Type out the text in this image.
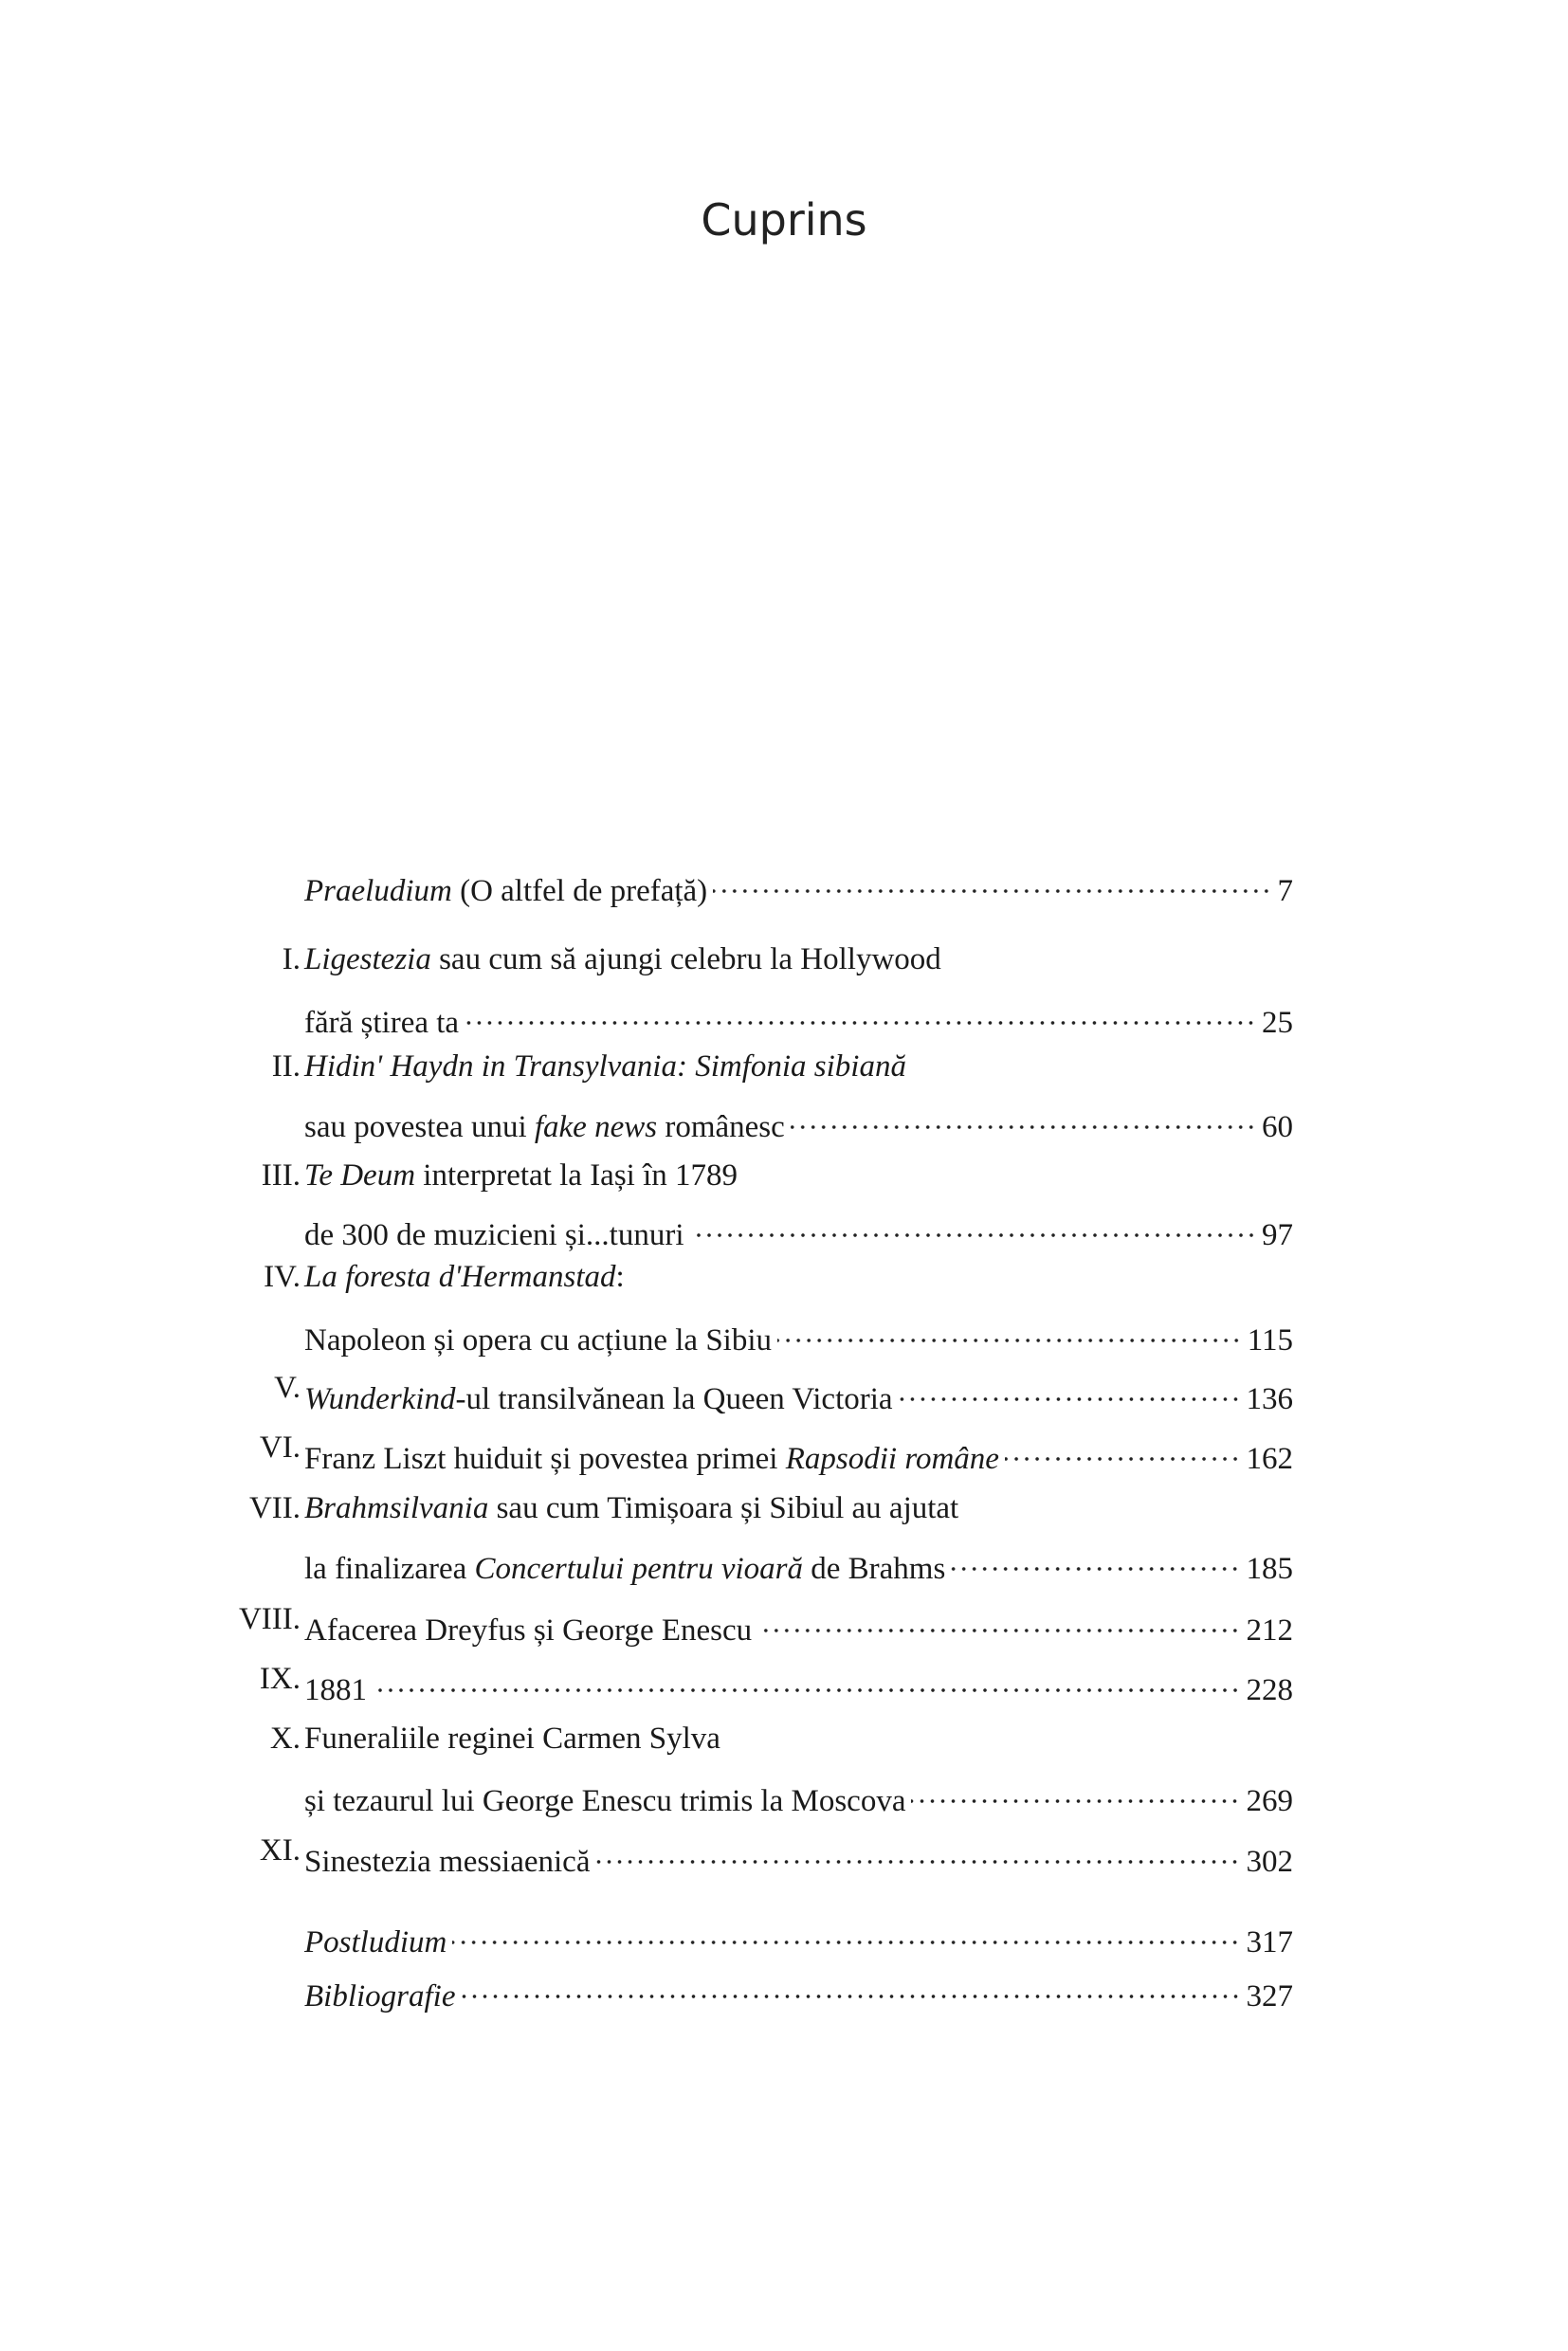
Cuprins
Praeludium (O altfel de prefață)	7
I. Ligestezia sau cum să ajungi celebru la Hollywood
fără știrea ta	25
II. Hidin' Haydn in Transylvania: Simfonia sibiană
sau povestea unui fake news românesc	60
III. Te Deum interpretat la Iași în 1789
de 300 de muzicieni și...tunuri	97
IV. La foresta d'Hermanstad :
Napoleon și opera cu acțiune la Sibiu	115
V. Wunderkind -ul transilvănean la Queen Victoria	136
VI. Franz Liszt huiduit și povestea primei Rapsodii române	162
VII. Brahmsilvania sau cum Timișoara și Sibiul au ajutat
la finalizarea Concertului pentru vioară de Brahms	185
VIII. Afacerea Dreyfus și George Enescu	212
IX. 1881	228
X. Funeraliile reginei Carmen Sylva
și tezaurul lui George Enescu trimis la Moscova	269
XI. Sinestezia messiaenică	302
Postludium	317
Bibliografie	327
